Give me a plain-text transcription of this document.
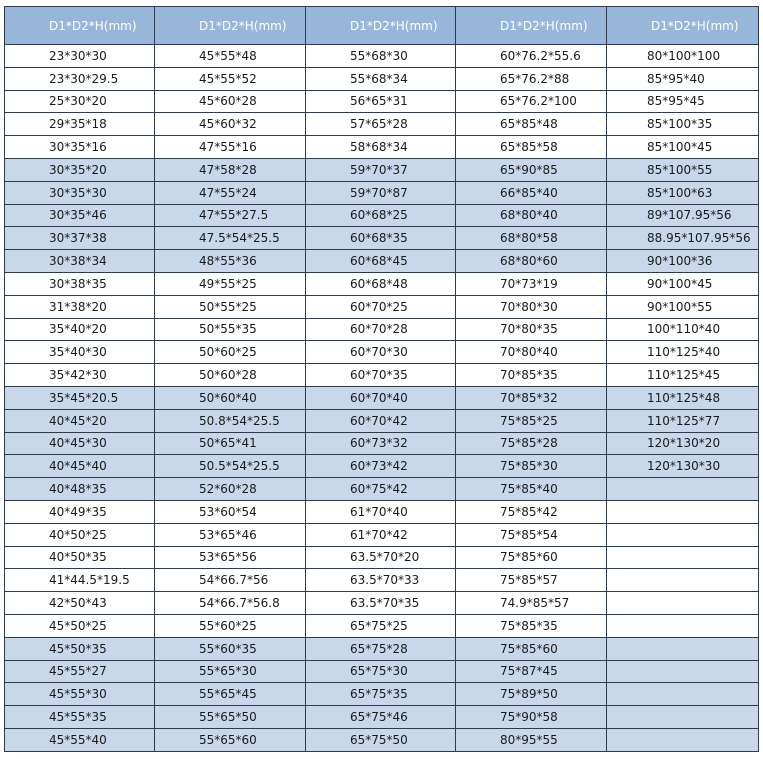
D1*D2*H(mm)	D1*D2*H(mm)	D1*D2*H(mm)	D1*D2*H(mm)	D1*D2*H(mm)
23*30*30	45*55*48	55*68*30	60*76.2*55.6	80*100*100
23*30*29.5	45*55*52	55*68*34	65*76.2*88	85*95*40
25*30*20	45*60*28	56*65*31	65*76.2*100	85*95*45
29*35*18	45*60*32	57*65*28	65*85*48	85*100*35
30*35*16	47*55*16	58*68*34	65*85*58	85*100*45
30*35*20	47*58*28	59*70*37	65*90*85	85*100*55
30*35*30	47*55*24	59*70*87	66*85*40	85*100*63
30*35*46	47*55*27.5	60*68*25	68*80*40	89*107.95*56
30*37*38	47.5*54*25.5	60*68*35	68*80*58	88.95*107.95*56
30*38*34	48*55*36	60*68*45	68*80*60	90*100*36
30*38*35	49*55*25	60*68*48	70*73*19	90*100*45
31*38*20	50*55*25	60*70*25	70*80*30	90*100*55
35*40*20	50*55*35	60*70*28	70*80*35	100*110*40
35*40*30	50*60*25	60*70*30	70*80*40	110*125*40
35*42*30	50*60*28	60*70*35	70*85*35	110*125*45
35*45*20.5	50*60*40	60*70*40	70*85*32	110*125*48
40*45*20	50.8*54*25.5	60*70*42	75*85*25	110*125*77
40*45*30	50*65*41	60*73*32	75*85*28	120*130*20
40*45*40	50.5*54*25.5	60*73*42	75*85*30	120*130*30
40*48*35	52*60*28	60*75*42	75*85*40	
40*49*35	53*60*54	61*70*40	75*85*42	
40*50*25	53*65*46	61*70*42	75*85*54	
40*50*35	53*65*56	63.5*70*20	75*85*60	
41*44.5*19.5	54*66.7*56	63.5*70*33	75*85*57	
42*50*43	54*66.7*56.8	63.5*70*35	74.9*85*57	
45*50*25	55*60*25	65*75*25	75*85*35	
45*50*35	55*60*35	65*75*28	75*85*60	
45*55*27	55*65*30	65*75*30	75*87*45	
45*55*30	55*65*45	65*75*35	75*89*50	
45*55*35	55*65*50	65*75*46	75*90*58	
45*55*40	55*65*60	65*75*50	80*95*55	
